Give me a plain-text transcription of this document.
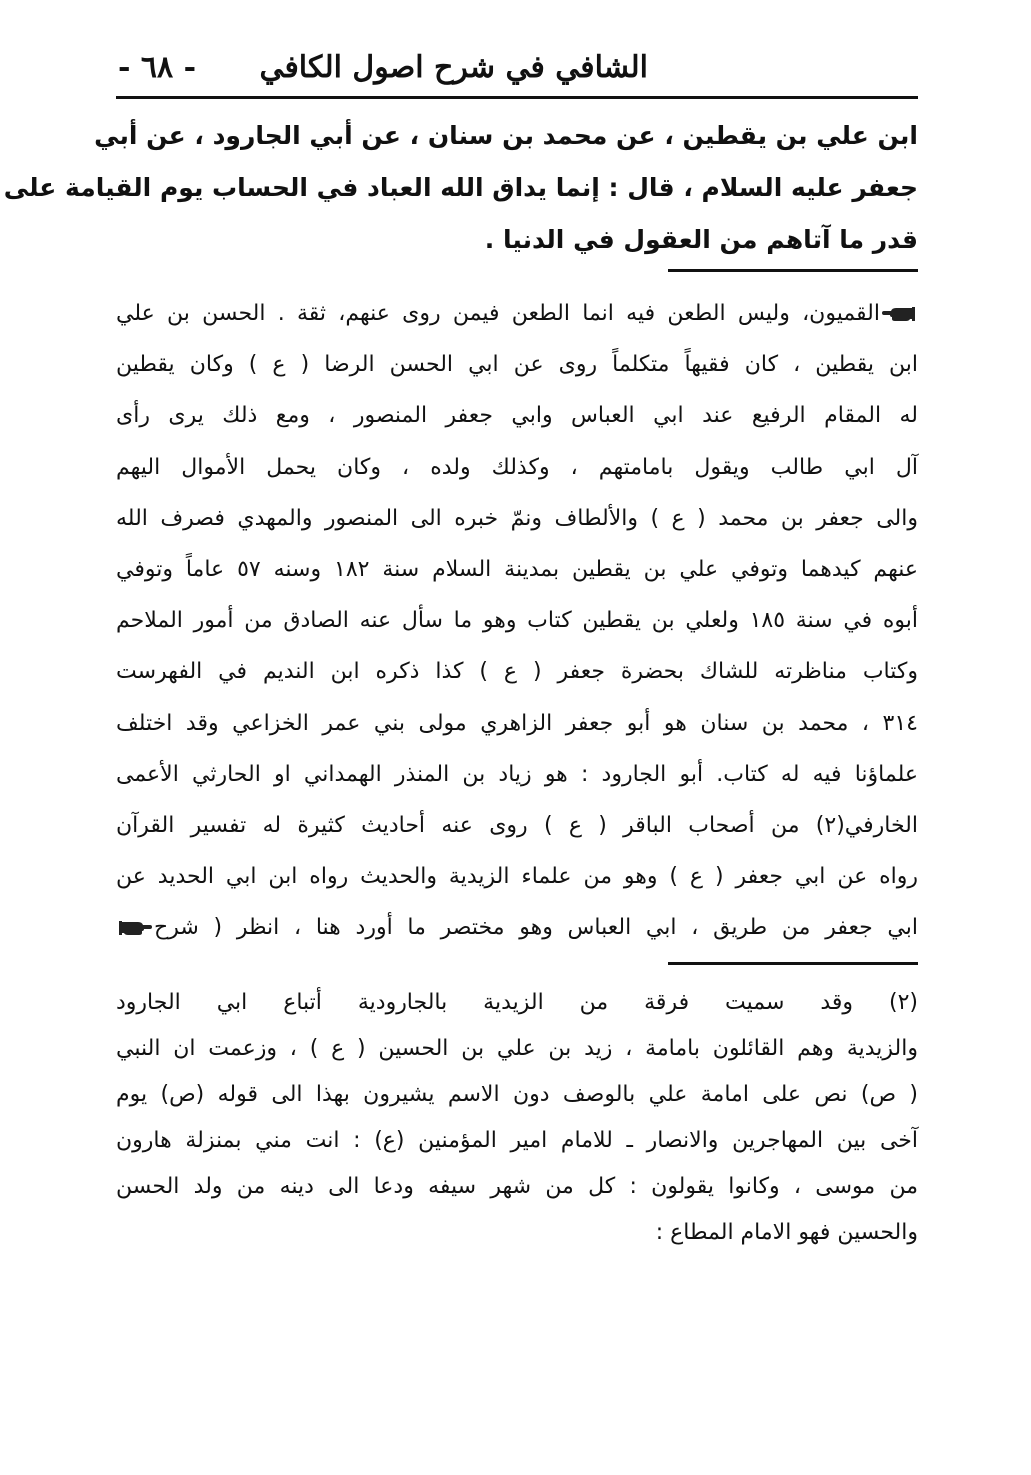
الشافي في شرح اصول الكافي
- ٦٨ -
ابن علي بن يقطين ، عن محمد بن سنان ، عن أبي الجارود ، عن أبي
جعفر عليه السلام ، قال : إنما يداق الله العباد في الحساب يوم القيامة على
قدر ما آتاهم من العقول في الدنيا .
القميون، وليس الطعن فيه انما الطعن فيمن روى عنهم، ثقة . الحسن بن علي
ابن يقطين ، كان فقيهاً متكلماً روى عن ابي الحسن الرضا ( ع ) وكان يقطين
له المقام الرفيع عند ابي العباس وابي جعفر المنصور ، ومع ذلك يرى رأى
آل ابي طالب ويقول بامامتهم ، وكذلك ولده ، وكان يحمل الأموال اليهم
والى جعفر بن محمد ( ع ) والألطاف ونمّ خبره الى المنصور والمهدي فصرف الله
عنهم كيدهما وتوفي علي بن يقطين بمدينة السلام سنة ١٨٢ وسنه ٥٧ عاماً وتوفي
أبوه في سنة ١٨٥ ولعلي بن يقطين كتاب وهو ما سأل عنه الصادق من أمور الملاحم
وكتاب مناظرته للشاك بحضرة جعفر ( ع ) كذا ذكره ابن النديم في الفهرست
٣١٤ ، محمد بن سنان هو أبو جعفر الزاهري مولى بني عمر الخزاعي وقد اختلف
علماؤنا فيه له كتاب. أبو الجارود : هو زياد بن المنذر الهمداني او الحارثي الأعمى
الخارفي(٢) من أصحاب الباقر ( ع ) روى عنه أحاديث كثيرة له تفسير القرآن
رواه عن ابي جعفر ( ع ) وهو من علماء الزيدية والحديث رواه ابن ابي الحديد عن
ابي جعفر من طريق ، ابي العباس وهو مختصر ما أورد هنا ، انظر ( شرح
(٢) وقد سميت فرقة من الزيدية بالجارودية أتباع ابي الجارود
والزيدية وهم القائلون بامامة ، زيد بن علي بن الحسين ( ع ) ، وزعمت ان النبي
( ص) نص على امامة علي بالوصف دون الاسم يشيرون بهذا الى قوله (ص) يوم
آخى بين المهاجرين والانصار ـ للامام امير المؤمنين (ع) : انت مني بمنزلة هارون
من موسى ، وكانوا يقولون : كل من شهر سيفه ودعا الى دينه من ولد الحسن
والحسين فهو الامام المطاع :
